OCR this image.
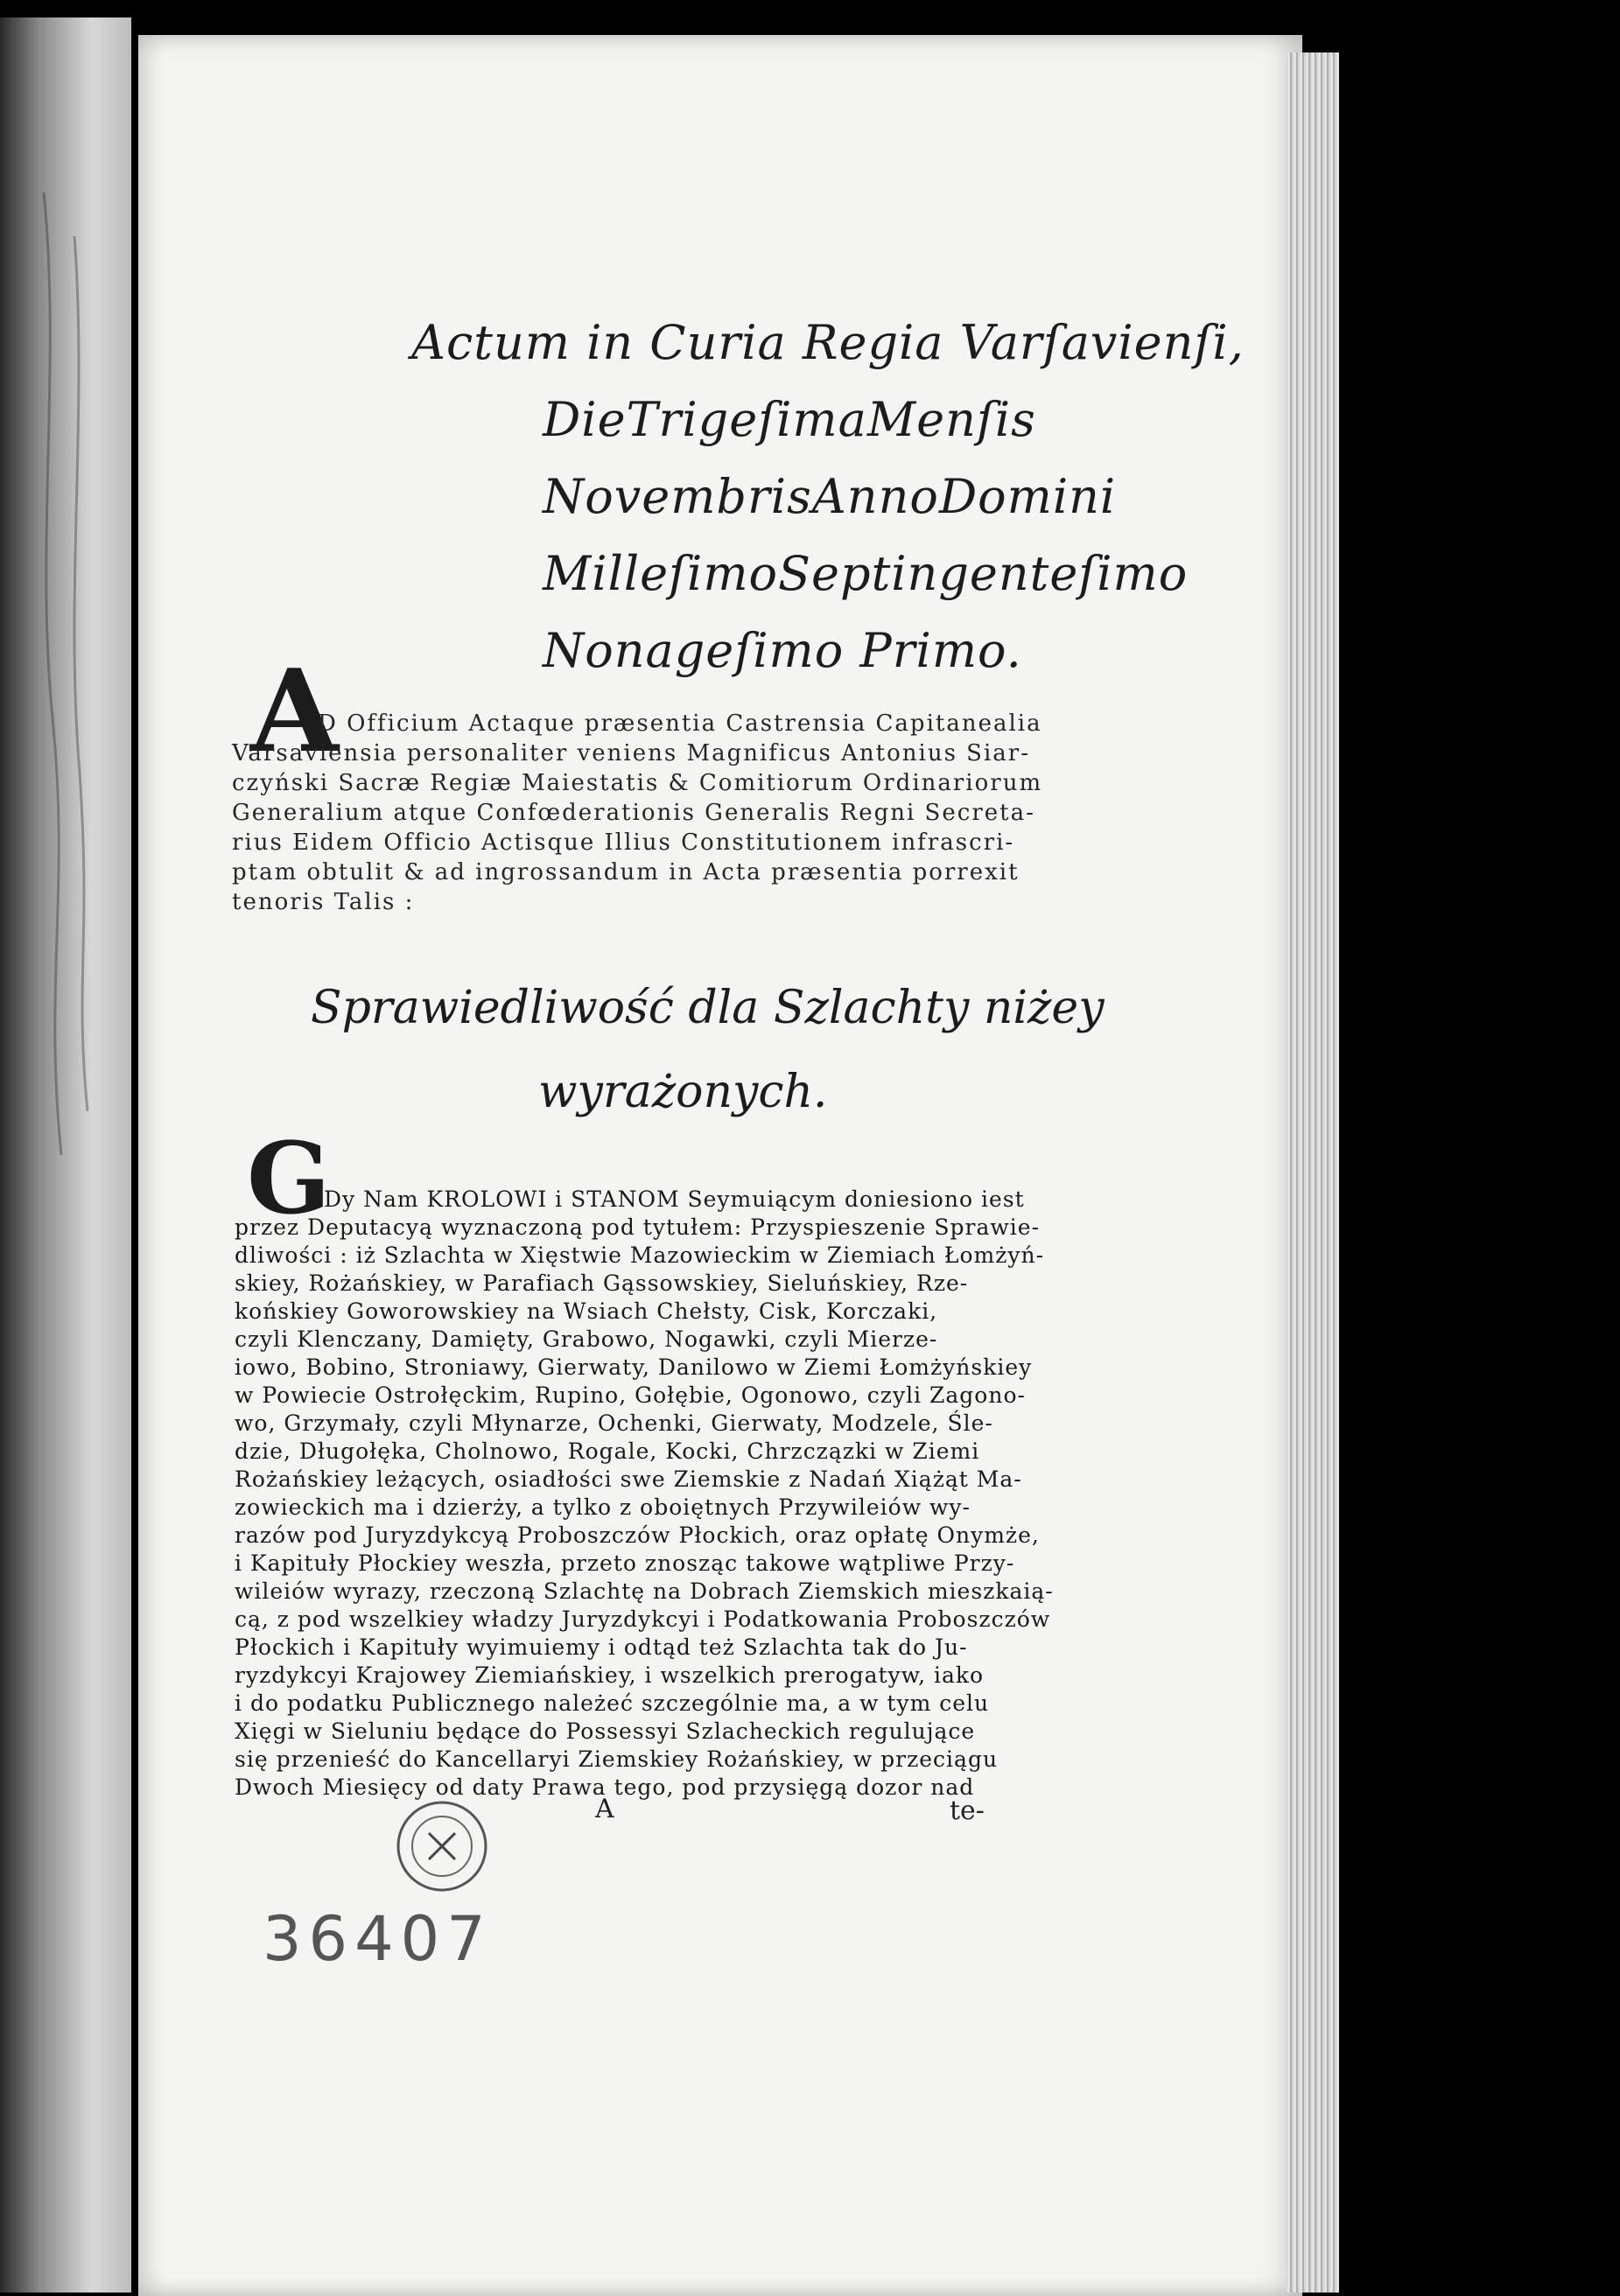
Actum in Curia Regia Varſavienſi,
Die Trigeſima Menſis
Novembris Anno Domini
Milleſimo Septingenteſimo
Nonageſimo Primo.
A
D Officium Actaque præsentia Castrensia Capitanealia
Varsaviensia personaliter veniens Magnificus Antonius Siar-
czyński Sacræ Regiæ Maiestatis & Comitiorum Ordinariorum
Generalium atque Confœderationis Generalis Regni Secreta-
rius Eidem Officio Actisque Illius Constitutionem infrascri-
ptam obtulit & ad ingrossandum in Acta præsentia porrexit
tenoris Talis :
Sprawiedliwość dla Szlachty niżey
wyrażonych.
G
Dy Nam KROLOWI i STANOM Seymuiącym doniesiono iest
przez Deputacyą wyznaczoną pod tytułem: Przyspieszenie Sprawie-
dliwości : iż Szlachta w Xięstwie Mazowieckim w Ziemiach Łomżyń-
skiey, Rożańskiey, w Parafiach Gąssowskiey, Sieluńskiey, Rze-
końskiey Goworowskiey na Wsiach Chełsty, Cisk, Korczaki,
czyli Klenczany, Damięty, Grabowo, Nogawki, czyli Mierze-
iowo, Bobino, Stroniawy, Gierwaty, Danilowo w Ziemi Łomżyńskiey
w Powiecie Ostrołęckim, Rupino, Gołębie, Ogonowo, czyli Zagono-
wo, Grzymały, czyli Młynarze, Ochenki, Gierwaty, Modzele, Śle-
dzie, Długołęka, Cholnowo, Rogale, Kocki, Chrzczązki w Ziemi
Rożańskiey leżących, osiadłości swe Ziemskie z Nadań Xiążąt Ma-
zowieckich ma i dzierży, a tylko z oboiętnych Przywileiów wy-
razów pod Juryzdykcyą Proboszczów Płockich, oraz opłatę Onymże,
i Kapituły Płockiey weszła, przeto znosząc takowe wątpliwe Przy-
wileiów wyrazy, rzeczoną Szlachtę na Dobrach Ziemskich mieszkaią-
cą, z pod wszelkiey władzy Juryzdykcyi i Podatkowania Proboszczów
Płockich i Kapituły wyimuiemy i odtąd też Szlachta tak do Ju-
ryzdykcyi Krajowey Ziemiańskiey, i wszelkich prerogatyw, iako
i do podatku Publicznego należeć szczególnie ma, a w tym celu
Xięgi w Sieluniu będące do Possessyi Szlacheckich regulujące
się przenieść do Kancellaryi Ziemskiey Rożańskiey, w przeciągu
Dwoch Miesięcy od daty Prawa tego, pod przysięgą dozor nad
A	te-
36407
